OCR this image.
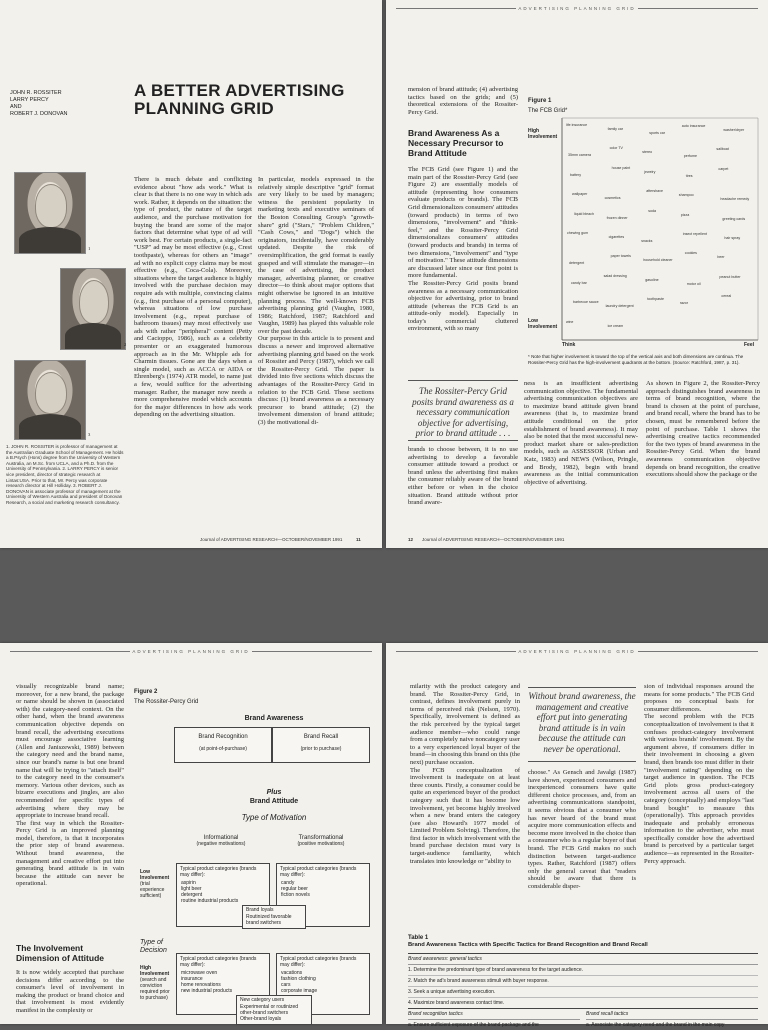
JOHN R. ROSSITER
LARRY PERCY
AND
ROBERT J. DONOVAN
A BETTER ADVERTISING PLANNING GRID
1
2
3
1. JOHN R. ROSSITER is professor of management at the Australian Graduate School of Management. He holds a B.Psych (Hons) degree from the University of Western Australia, an M.Sc. from UCLA, and a Ph.D. from the University of Pennsylvania. 2. LARRY PERCY is senior vice president, director of strategic research at Lintas:USA. Prior to that, Mr. Percy was corporate research director at Hill Holliday. 3. ROBERT J. DONOVAN is associate professor of management at the University of Western Australia and president of Donovan Research, a social and marketing research consultancy.
There is much debate and conflicting evidence about "how ads work." What is clear is that there is no one way in which ads work. Rather, it depends on the situation: the type of product, the nature of the target audience, and the purchase motivation for buying the brand are some of the major factors that determine what type of ad will work best. For certain products, a single-fact "USP" ad may be most effective (e.g., Crest toothpaste), whereas for others an "image" ad with no explicit copy claims may be most effective (e.g., Coca-Cola). Moreover, situations where the target audience is highly involved with the purchase decision may require ads with multiple, convincing claims (e.g., first purchase of a personal computer), whereas situations of low purchase involvement (e.g., repeat purchase of bathroom tissues) may most effectively use ads with rather "peripheral" content (Petty and Cacioppo, 1986), such as a celebrity presenter or an exaggerated humorous approach as in the Mr. Whipple ads for Charmin tissues. Gone are the days when a single model, such as ACCA or AIDA or Ehrenberg's (1974) ATR model, to name just a few, would suffice for the advertising manager. Rather, the manager now needs a more comprehensive model which accounts for the major differences in how ads work depending on the advertising situation.
In particular, models expressed in the relatively simple descriptive "grid" format are very likely to be used by managers; witness the persistent popularity in marketing texts and executive seminars of the Boston Consulting Group's "growth-share" grid ("Stars," "Problem Children," "Cash Cows," and "Dogs") which the originators, incidentally, have considerably updated. Despite the risk of oversimplification, the grid format is easily grasped and will stimulate the manager—in the case of advertising, the product manager, advertising planner, or creative director—to think about major options that might otherwise be ignored in an intuitive planning process. The well-known FCB advertising planning grid (Vaughn, 1980, 1986; Ratchford, 1987; Ratchford and Vaughn, 1989) has played this valuable role over the past decade.
Our purpose in this article is to present and discuss a newer and improved alternative advertising planning grid based on the work of Rossiter and Percy (1987), which we call the Rossiter-Percy Grid. The paper is divided into five sections which discuss the advantages of the Rossiter-Percy Grid in relation to the FCB Grid. These sections discuss: (1) brand awareness as a necessary precursor to brand attitude; (2) the involvement dimension of brand attitude; (3) the motivational di-
Journal of ADVERTISING RESEARCH—OCTOBER/NOVEMBER 1991	11
ADVERTISING PLANNING GRID
mension of brand attitude; (4) advertising tactics based on the grids; and (5) theoretical extensions of the Rossiter-Percy Grid.
Brand Awareness As a Necessary Precursor to Brand Attitude
The FCB Grid (see Figure 1) and the main part of the Rossiter-Percy Grid (see Figure 2) are essentially models of attitude (representing how consumers evaluate products or brands). The FCB Grid dimensionalizes consumers' attitudes (toward products) in terms of two dimensions, "involvement" and "think-feel," and the Rossiter-Percy Grid dimensionalizes consumers' attitudes (toward products and brands) in terms of two dimensions, "involvement" and "type of motivation." These attitude dimensions are discussed later since our first point is more fundamental.
The Rossiter-Percy Grid posits brand awareness as a necessary communication objective for advertising, prior to brand attitude (whereas the FCB Grid is an attitude-only model). Especially in today's commercial cluttered environment, with so many
Figure 1
The FCB Grid*
High Involvement
Low Involvement
life insurance
family car
sports car
auto insurance
washer/dryer
35mm camera
color TV
stereo
perfume
sailboat
battery
house paint
jewelry
tires
carpet
wallpaper
cosmetics
aftershave
shampoo
headache remedy
liquid bleach
frozen dinner
soda
pizza
greeting cards
chewing gum
cigarettes
snacks
insect repellent
hair spray
detergent
paper towels
household cleaner
cookies
beer
candy bar
salad dressing
gasoline
motor oil
peanut butter
barbecue sauce
laundry detergent
toothpaste
razor
cereal
wine
ice cream
Think	Feel
* Note that higher involvement is toward the top of the vertical axis and both dimensions are continua. The Rossiter-Percy Grid has the high-involvement quadrants at the bottom. (Source: Ratchford, 1987, p. 31).
The Rossiter-Percy Grid posits brand awareness as a necessary communication objective for advertising, prior to brand attitude . . .
brands to choose between, it is no use advertising to develop a favorable consumer attitude toward a product or brand unless the advertising first makes the consumer reliably aware of the brand either before or when in the choice situation. Brand attitude without prior brand aware-
ness is an insufficient advertising communication objective. The fundamental advertising communication objectives are to maximize brand attitude given brand awareness (that is, to maximize brand attitude conditional on the prior establishment of brand awareness). It may also be noted that the most successful new-product market share or sales-prediction models, such as ASSESSOR (Urban and Katz, 1983) and NEWS (Wilson, Pringle, and Brody, 1982), begin with brand awareness as the initial communication objective of advertising.
As shown in Figure 2, the Rossiter-Percy approach distinguishes brand awareness in terms of brand recognition, where the brand is chosen at the point of purchase, and brand recall, where the brand has to be chosen, must be remembered before the point of purchase. Table 1 shows the advertising creative tactics recommended for the two types of brand awareness in the Rossiter-Percy Grid. When the brand awareness communication objective depends on brand recognition, the creative executions should show the package or the
12 Journal of ADVERTISING RESEARCH—OCTOBER/NOVEMBER 1991
ADVERTISING PLANNING GRID
visually recognizable brand name; moreover, for a new brand, the package or name should be shown in (associated with) the category-need context. On the other hand, when the brand awareness communication objective depends on brand recall, the advertising executions must encourage associative learning (Allen and Janiszewski, 1989) between the category need and the brand name, since our brand's name is but one brand name that will be trying to "attach itself" to the category need in the consumer's memory. Various other devices, such as bizarre executions and jingles, are also recommended for specific types of advertising where they may be appropriate to increase brand recall.
The first way in which the Rossiter-Percy Grid is an improved planning model, therefore, is that it incorporates the prior step of brand awareness. Without brand awareness, the management and creative effort put into generating brand attitude is in vain because the attitude can never be operational.
The Involvement Dimension of Attitude
It is now widely accepted that purchase decisions differ according to the consumer's level of involvement in making the product or brand choice and that involvement is most evidently manifest in the complexity or
Figure 2
The Rossiter-Percy Grid
Brand Awareness
Brand Recognition
(at point-of-purchase)
Brand Recall
(prior to purchase)
Plus
Brand Attitude
Type of Motivation
Informational
(negative motivations)
Transformational
(positive motivations)
Low Involvement
(trial experience sufficient)
Type of Decision
High Involvement
(search and conviction required prior to purchase)
Typical product categories (brands may differ):
aspirin
light beer
detergent
routine industrial products
Typical product categories (brands may differ):
candy
regular beer
fiction novels
Brand loyals
Routinized favorable brand switchers
Typical product categories (brands may differ):
microwave oven
insurance
home renovations
new industrial products
Typical product categories (brands may differ):
vacations
fashion clothing
cars
corporate image
New category users
Experimental or routinized other-brand switchers
Other-brand loyals
ADVERTISING PLANNING GRID
milarity with the product category and brand. The Rossiter-Percy Grid, in contrast, defines involvement purely in terms of perceived risk (Nelson, 1970). Specifically, involvement is defined as the risk perceived by the typical target audience member—who could range from a completely naive noncategory user to a very experienced loyal buyer of the brand—in choosing this brand on this (the next) purchase occasion.
The FCB conceptualization of involvement is inadequate on at least three counts. Firstly, a consumer could be quite an experienced buyer of the product category such that it has become low involvement, yet become highly involved when a new brand enters the category (see also Howard's 1977 model of Limited Problem Solving). Therefore, the first factor in which involvement with the brand purchase decision must vary is target-audience familiarity, which translates into knowledge or "ability to
Without brand awareness, the management and creative effort put into generating brand attitude is in vain because the attitude can never be operational.
choose." As Gensch and Javalgi (1987) have shown, experienced consumers and inexperienced consumers have quite different choice processes, and, from an advertising communications standpoint, it seems obvious that a consumer who has never heard of the brand must acquire more communication effects and become more involved in the choice than a consumer who is a regular buyer of that brand. The FCB Grid makes no such distinction between target-audience types. Rather, Ratchford (1987) offers only the general caveat that "readers should be aware that there is considerable disper-
sion of individual responses around the means for some products." The FCB Grid proposes no conceptual basis for consumer differences.
The second problem with the FCB conceptualization of involvement is that it confuses product-category involvement with various brands' involvement. By the argument above, if consumers differ in their involvement in choosing a given brand, then brands too must differ in their "involvement rating" depending on the target audience in question. The FCB Grid plots gross product-category involvement across all users of the category (conceptually) and employs "last brand bought" to measure this (operationally). This approach provides inadequate and probably erroneous information to the advertiser, who must specifically consider how the advertised brand is perceived by a particular target audience—as represented in the Rossiter-Percy approach.
Table 1
Brand Awareness Tactics with Specific Tactics for Brand Recognition and Brand Recall
Brand awareness: general tactics
1. Determine the predominant type of brand awareness for the target audience.
2. Match the ad's brand awareness stimuli with buyer response.
3. Seek a unique advertising execution.
4. Maximize brand awareness contact time.
Brand recognition tactics
a. Ensure sufficient exposure of the brand package and the
Brand recall tactics
a. Associate the category need and the brand in the main copy
